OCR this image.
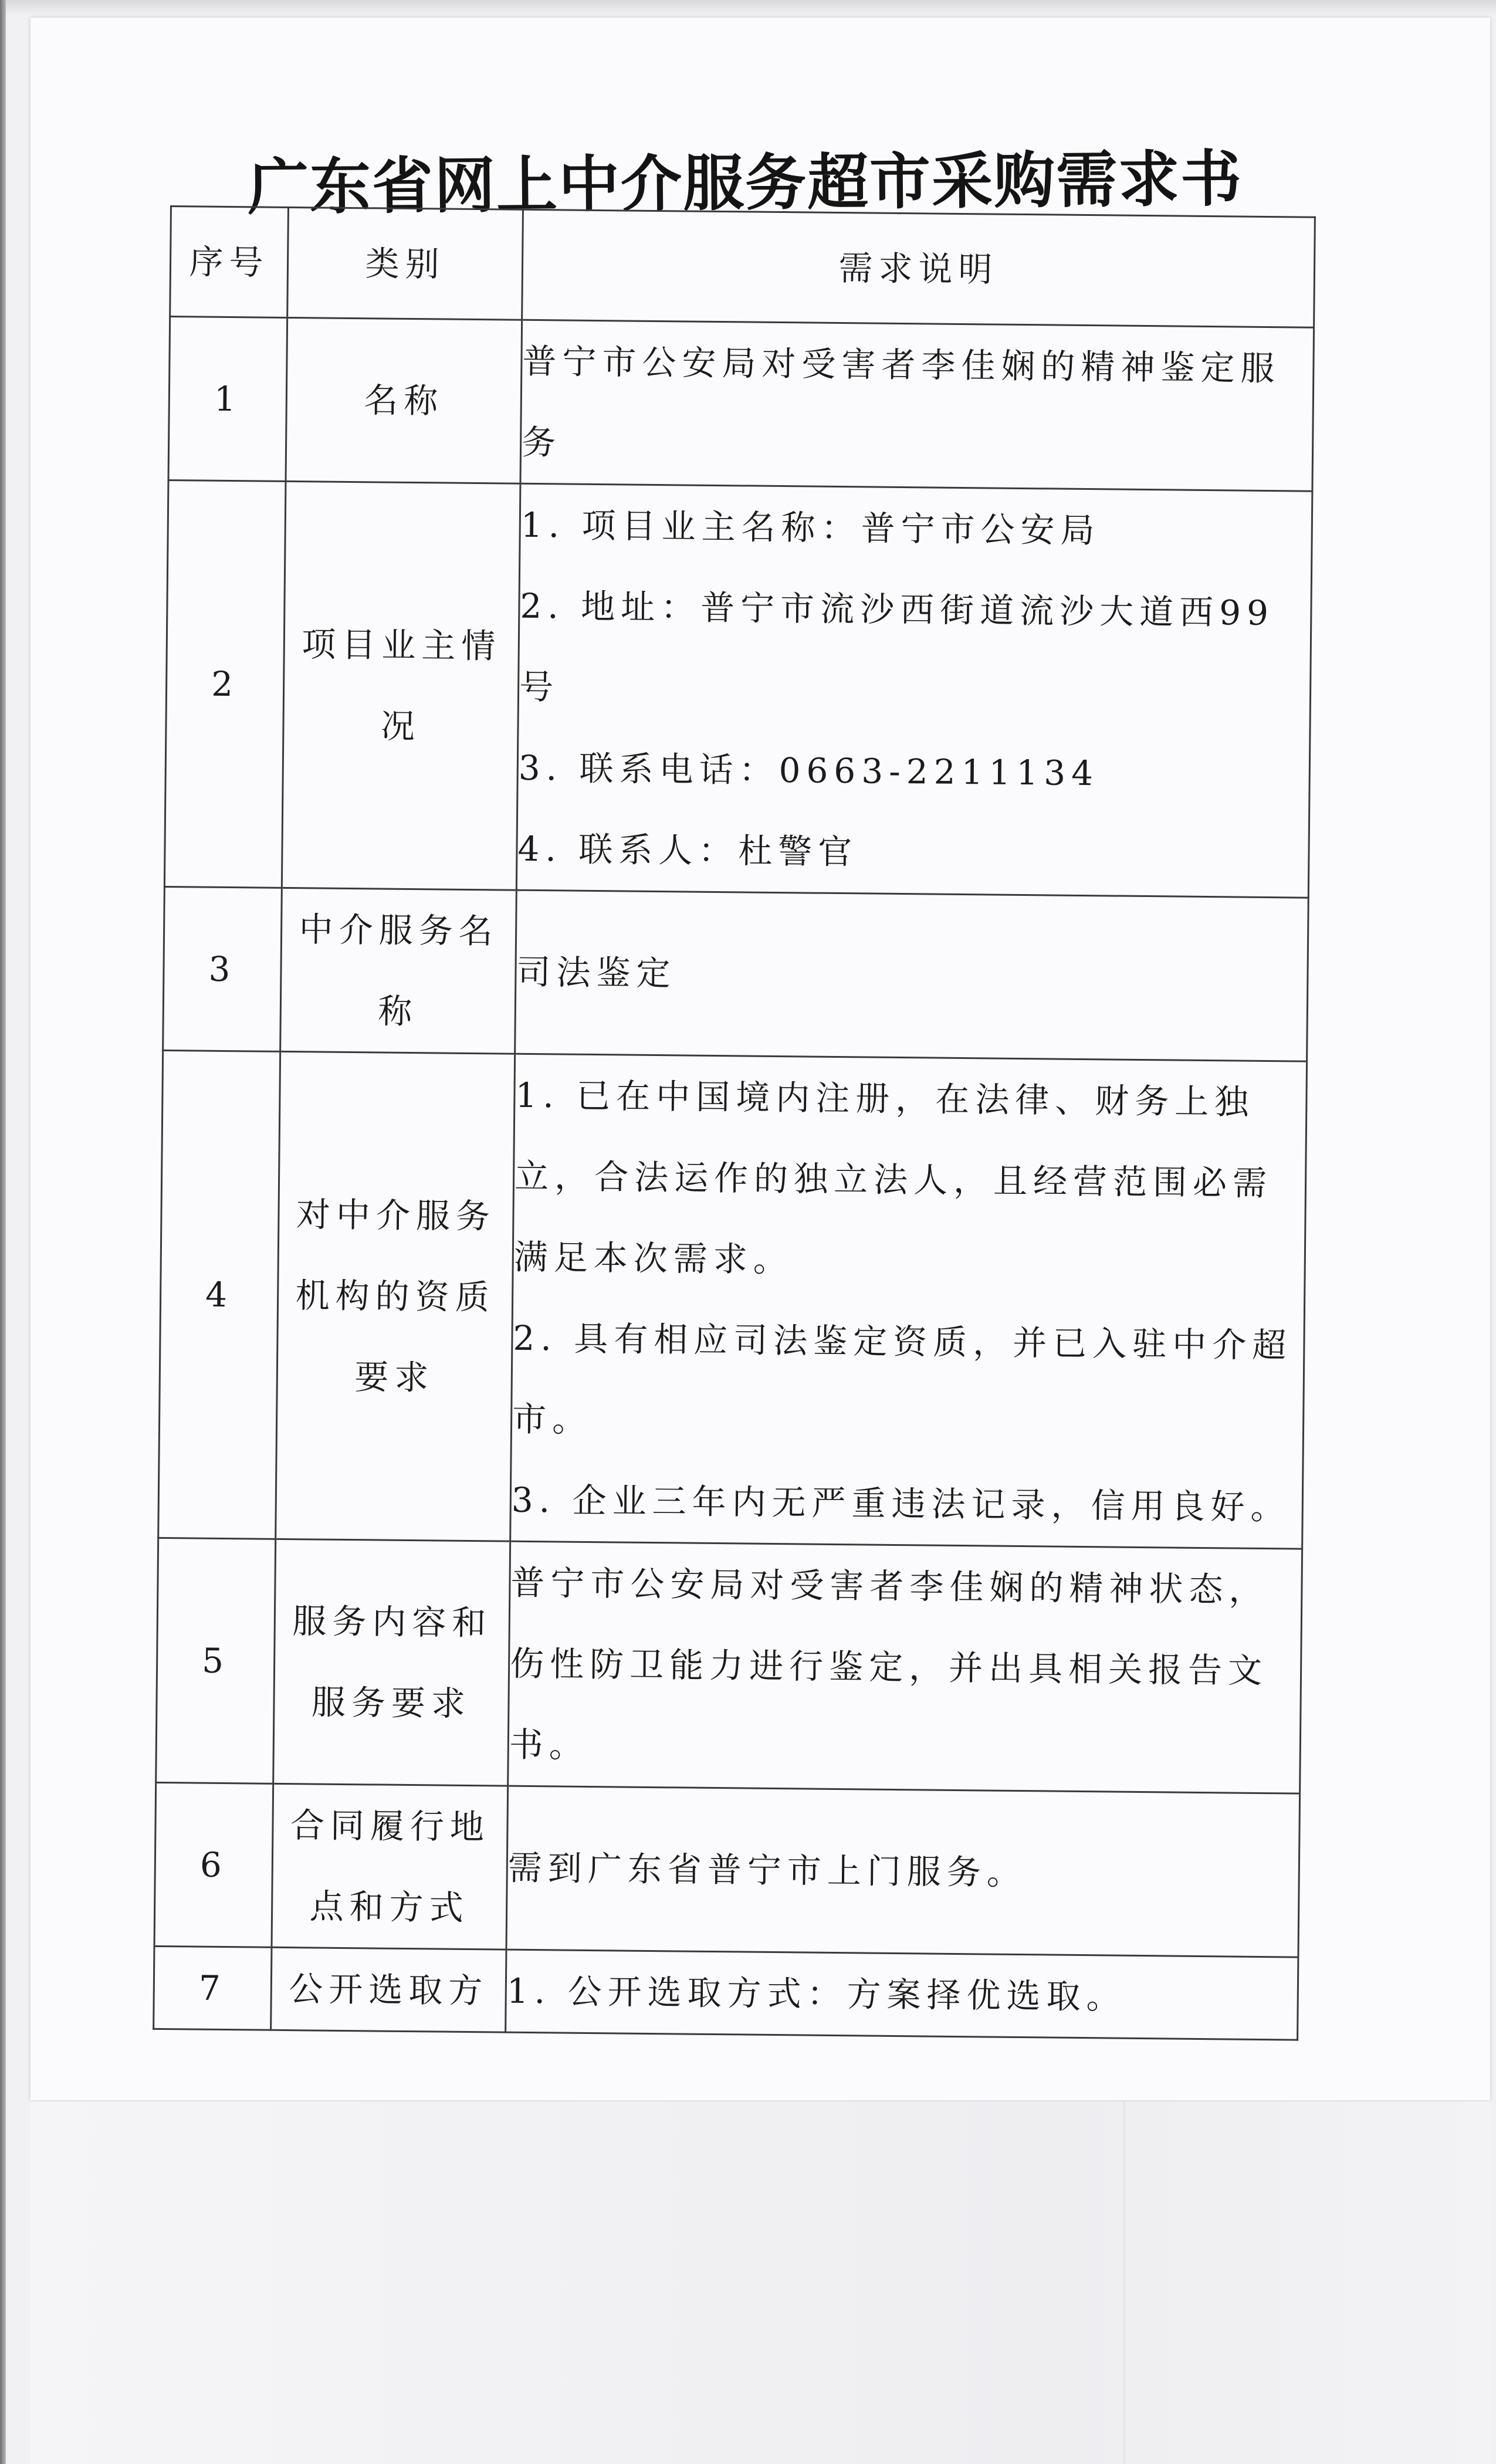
广东省网上中介服务超市采购需求书
序号	类别	需求说明
1	名称	普宁市公安局对受害者李佳娴的精神鉴定服务

2	项目业主情况	1. 项目业主名称：普宁市公安局
2. 地址：普宁市流沙西街道流沙大道西99号
3. 联系电话：0663-2211134
4. 联系人：杜警官

3	中介服务名称	司法鉴定

4	对中介服务机构的资质要求	1. 已在中国境内注册，在法律、财务上独立，合法运作的独立法人，且经营范围必需满足本次需求。
2. 具有相应司法鉴定资质，并已入驻中介超市。
3. 企业三年内无严重违法记录，信用良好。

5	服务内容和服务要求	普宁市公安局对受害者李佳娴的精神状态，伤性防卫能力进行鉴定，并出具相关报告文书。

6	合同履行地点和方式	需到广东省普宁市上门服务。

7	公开选取方	1. 公开选取方式：方案择优选取。
